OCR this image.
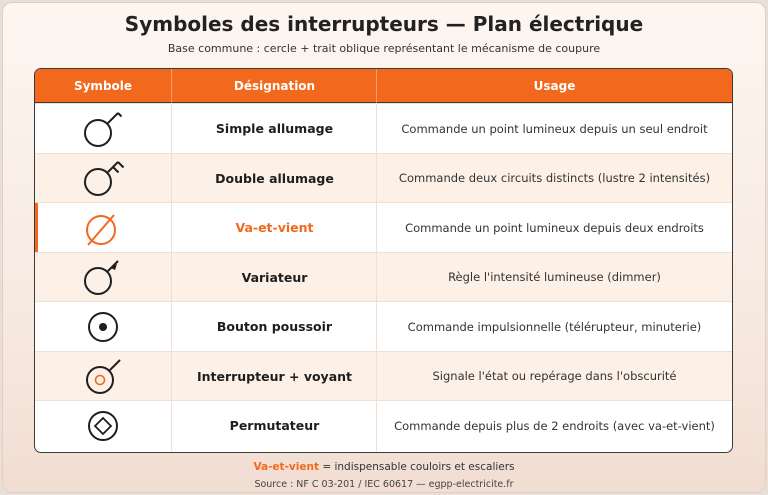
Symboles des interrupteurs — Plan électrique
Base commune : cercle + trait oblique représentant le mécanisme de coupure
Symbole	Désignation	Usage
Simple allumage	Commande un point lumineux depuis un seul endroit
Double allumage	Commande deux circuits distincts (lustre 2 intensités)
Va-et-vient	Commande un point lumineux depuis deux endroits
Variateur	Règle l'intensité lumineuse (dimmer)
Bouton poussoir	Commande impulsionnelle (télérupteur, minuterie)
Interrupteur + voyant	Signale l'état ou repérage dans l'obscurité
Permutateur	Commande depuis plus de 2 endroits (avec va-et-vient)
Va-et-vient = indispensable couloirs et escaliers
Source : NF C 03-201 / IEC 60617 — egpp-electricite.fr
